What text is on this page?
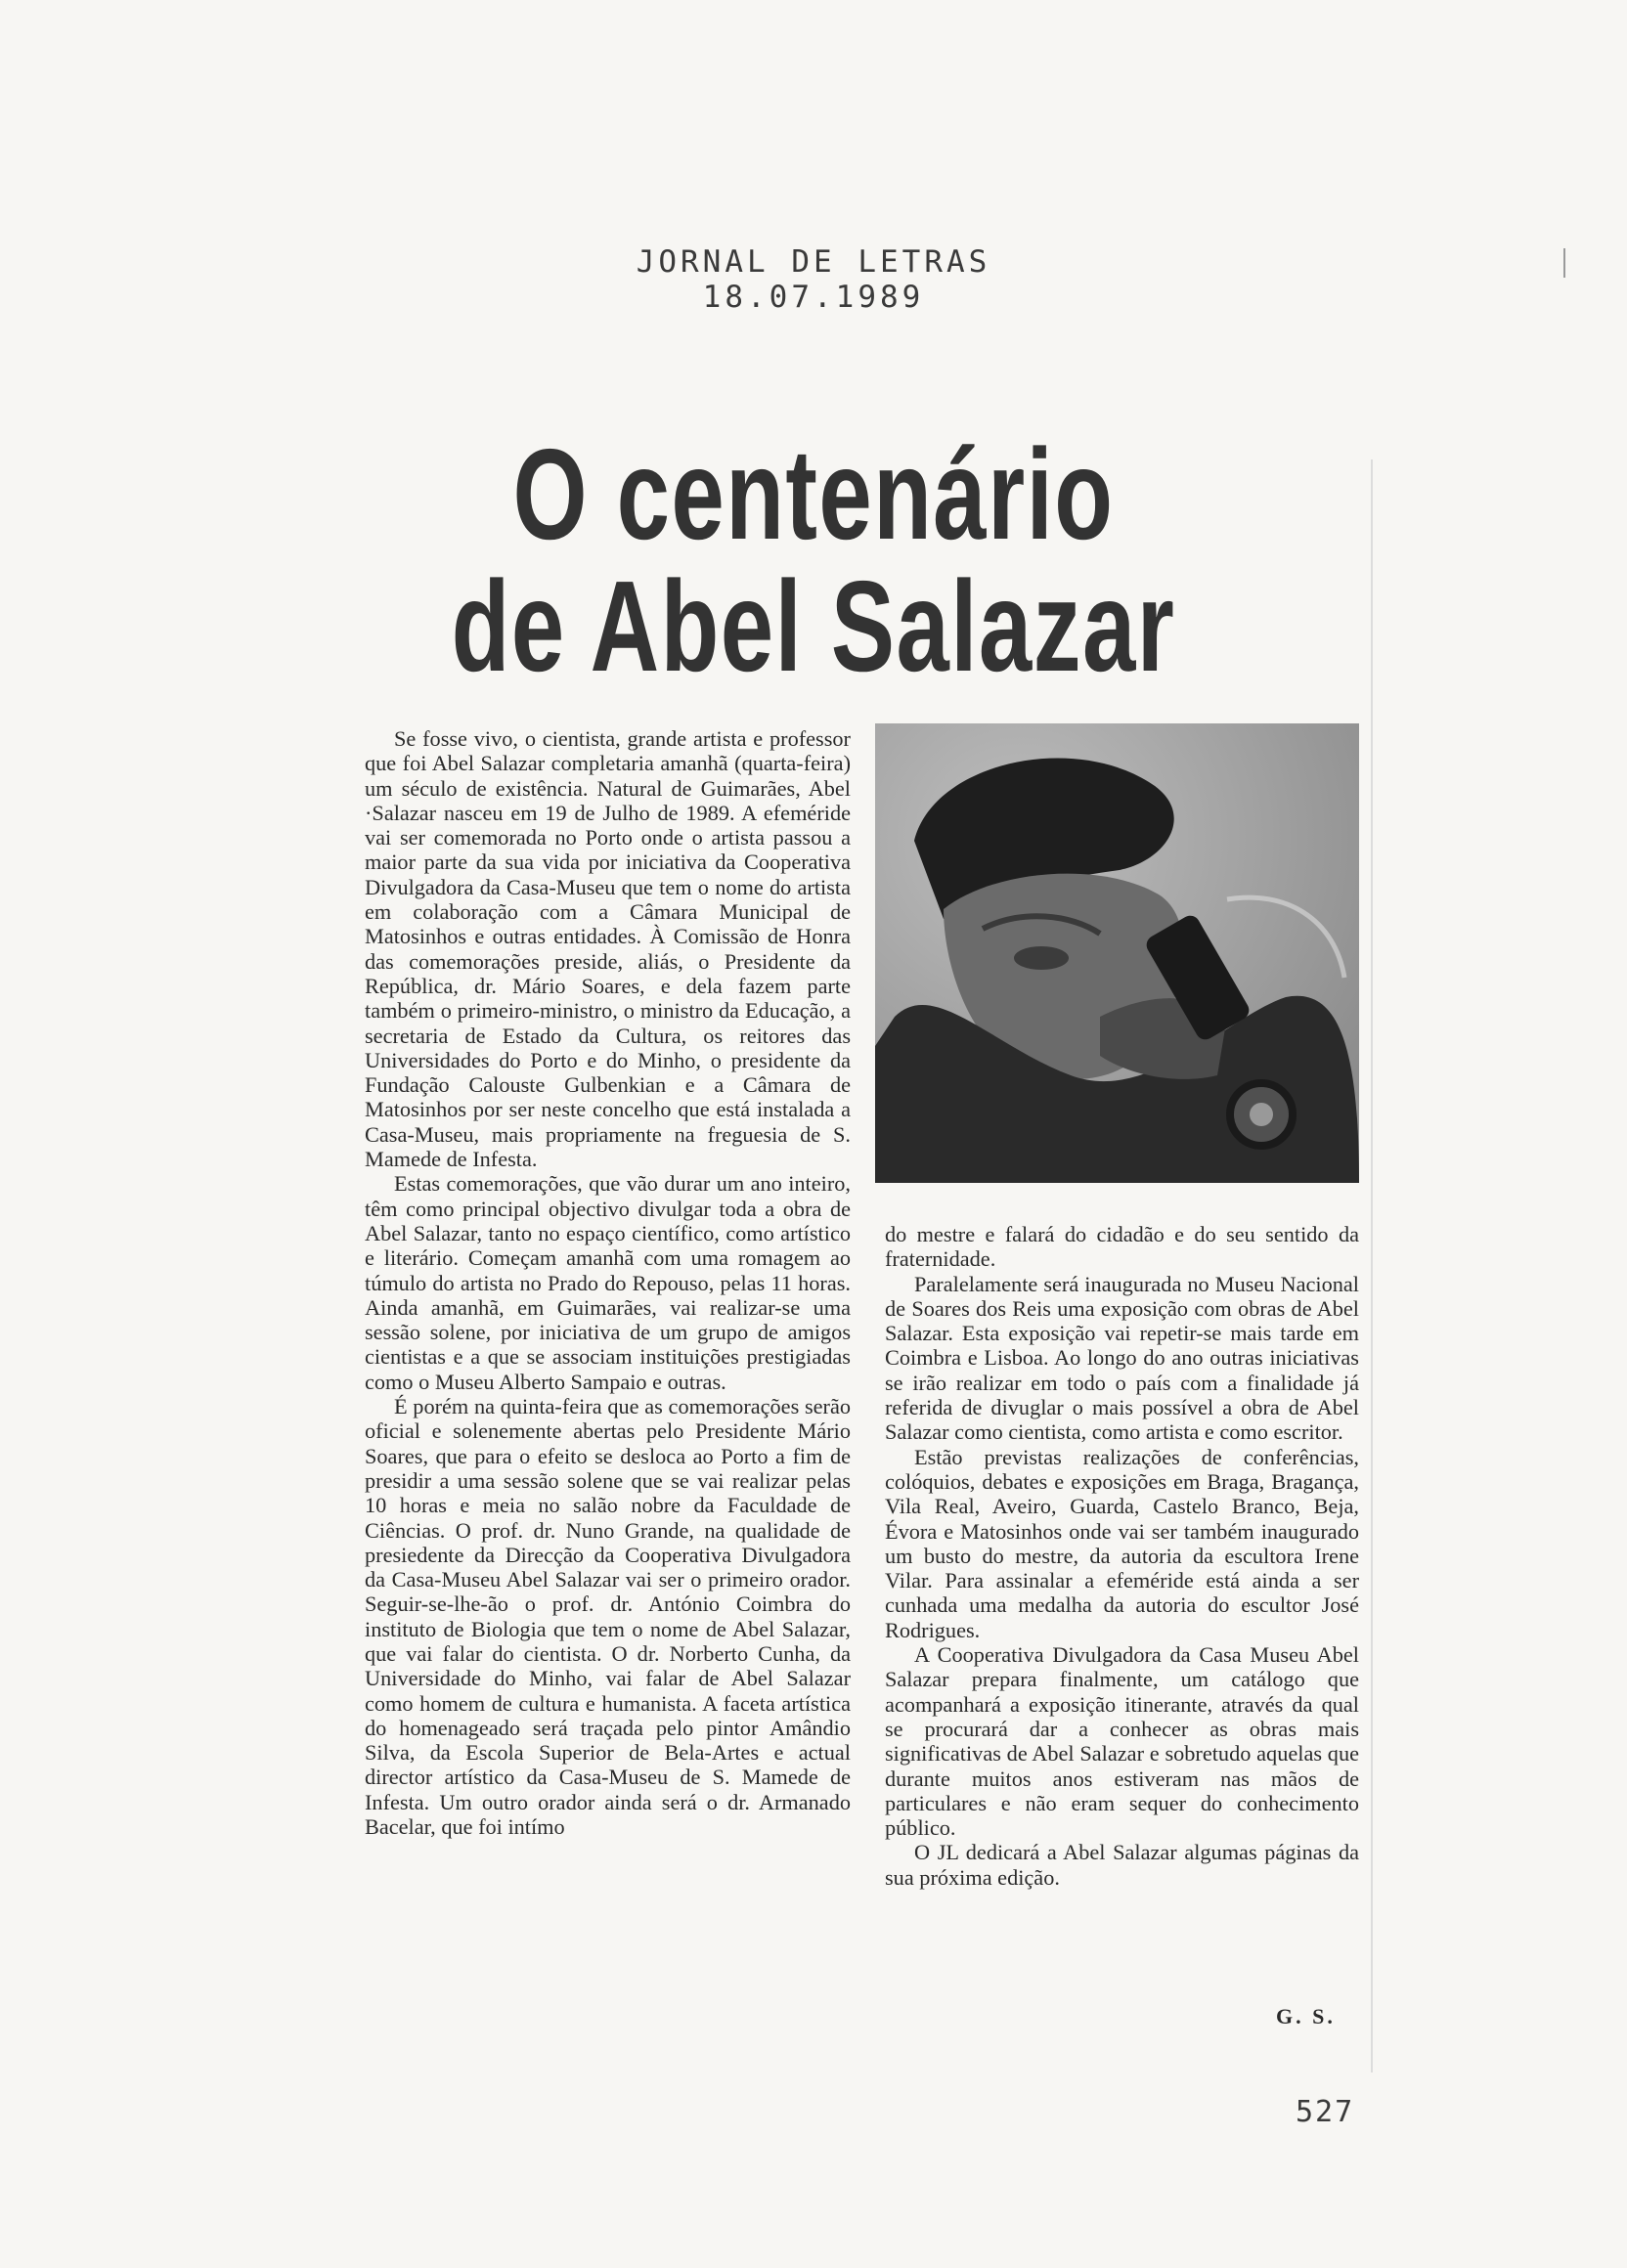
JORNAL DE LETRAS
18.07.1989
O centenário
de Abel Salazar

Se fosse vivo, o cientista, grande artista e professor que foi Abel Salazar completaria amanhã (quarta-feira) um século de existência. Natural de Guimarães, Abel ·Salazar nasceu em 19 de Julho de 1989. A efeméride vai ser comemorada no Porto onde o artista passou a maior parte da sua vida por iniciativa da Cooperativa Divulgadora da Casa-Museu que tem o nome do artista em colaboração com a Câmara Municipal de Matosinhos e outras entidades. À Comissão de Honra das comemorações preside, aliás, o Presidente da República, dr. Mário Soares, e dela fazem parte também o primeiro-ministro, o ministro da Educação, a secretaria de Estado da Cultura, os reitores das Universidades do Porto e do Minho, o presidente da Fundação Calouste Gulbenkian e a Câmara de Matosinhos por ser neste concelho que está instalada a Casa-Museu, mais propriamente na freguesia de S. Mamede de Infesta.

Estas comemorações, que vão durar um ano inteiro, têm como principal objectivo divulgar toda a obra de Abel Salazar, tanto no espaço científico, como artístico e literário. Começam amanhã com uma romagem ao túmulo do artista no Prado do Repouso, pelas 11 horas. Ainda amanhã, em Guimarães, vai realizar-se uma sessão solene, por iniciativa de um grupo de amigos cientistas e a que se associam instituições prestigiadas como o Museu Alberto Sampaio e outras.

É porém na quinta-feira que as comemorações serão oficial e solenemente abertas pelo Presidente Mário Soares, que para o efeito se desloca ao Porto a fim de presidir a uma sessão solene que se vai realizar pelas 10 horas e meia no salão nobre da Faculdade de Ciências. O prof. dr. Nuno Grande, na qualidade de presiedente da Direcção da Cooperativa Divulgadora da Casa-Museu Abel Salazar vai ser o primeiro orador. Seguir-se-lhe-ão o prof. dr. António Coimbra do instituto de Biologia que tem o nome de Abel Salazar, que vai falar do cientista. O dr. Norberto Cunha, da Universidade do Minho, vai falar de Abel Salazar como homem de cultura e humanista. A faceta artística do homenageado será traçada pelo pintor Amândio Silva, da Escola Superior de Bela-Artes e actual director artístico da Casa-Museu de S. Mamede de Infesta. Um outro orador ainda será o dr. Armanado Bacelar, que foi intímo

do mestre e falará do cidadão e do seu sentido da fraternidade.

Paralelamente será inaugurada no Museu Nacional de Soares dos Reis uma exposição com obras de Abel Salazar. Esta exposição vai repetir-se mais tarde em Coimbra e Lisboa. Ao longo do ano outras iniciativas se irão realizar em todo o país com a finalidade já referida de divuglar o mais possível a obra de Abel Salazar como cientista, como artista e como escritor.

Estão previstas realizações de conferências, colóquios, debates e exposições em Braga, Bragança, Vila Real, Aveiro, Guarda, Castelo Branco, Beja, Évora e Matosinhos onde vai ser também inaugurado um busto do mestre, da autoria da escultora Irene Vilar. Para assinalar a efeméride está ainda a ser cunhada uma medalha da autoria do escultor José Rodrigues.

A Cooperativa Divulgadora da Casa Museu Abel Salazar prepara finalmente, um catálogo que acompanhará a exposição itinerante, através da qual se procurará dar a conhecer as obras mais significativas de Abel Salazar e sobretudo aquelas que durante muitos anos estiveram nas mãos de particulares e não eram sequer do conhecimento público.

O JL dedicará a Abel Salazar algumas páginas da sua próxima edição.

G. S.
527
